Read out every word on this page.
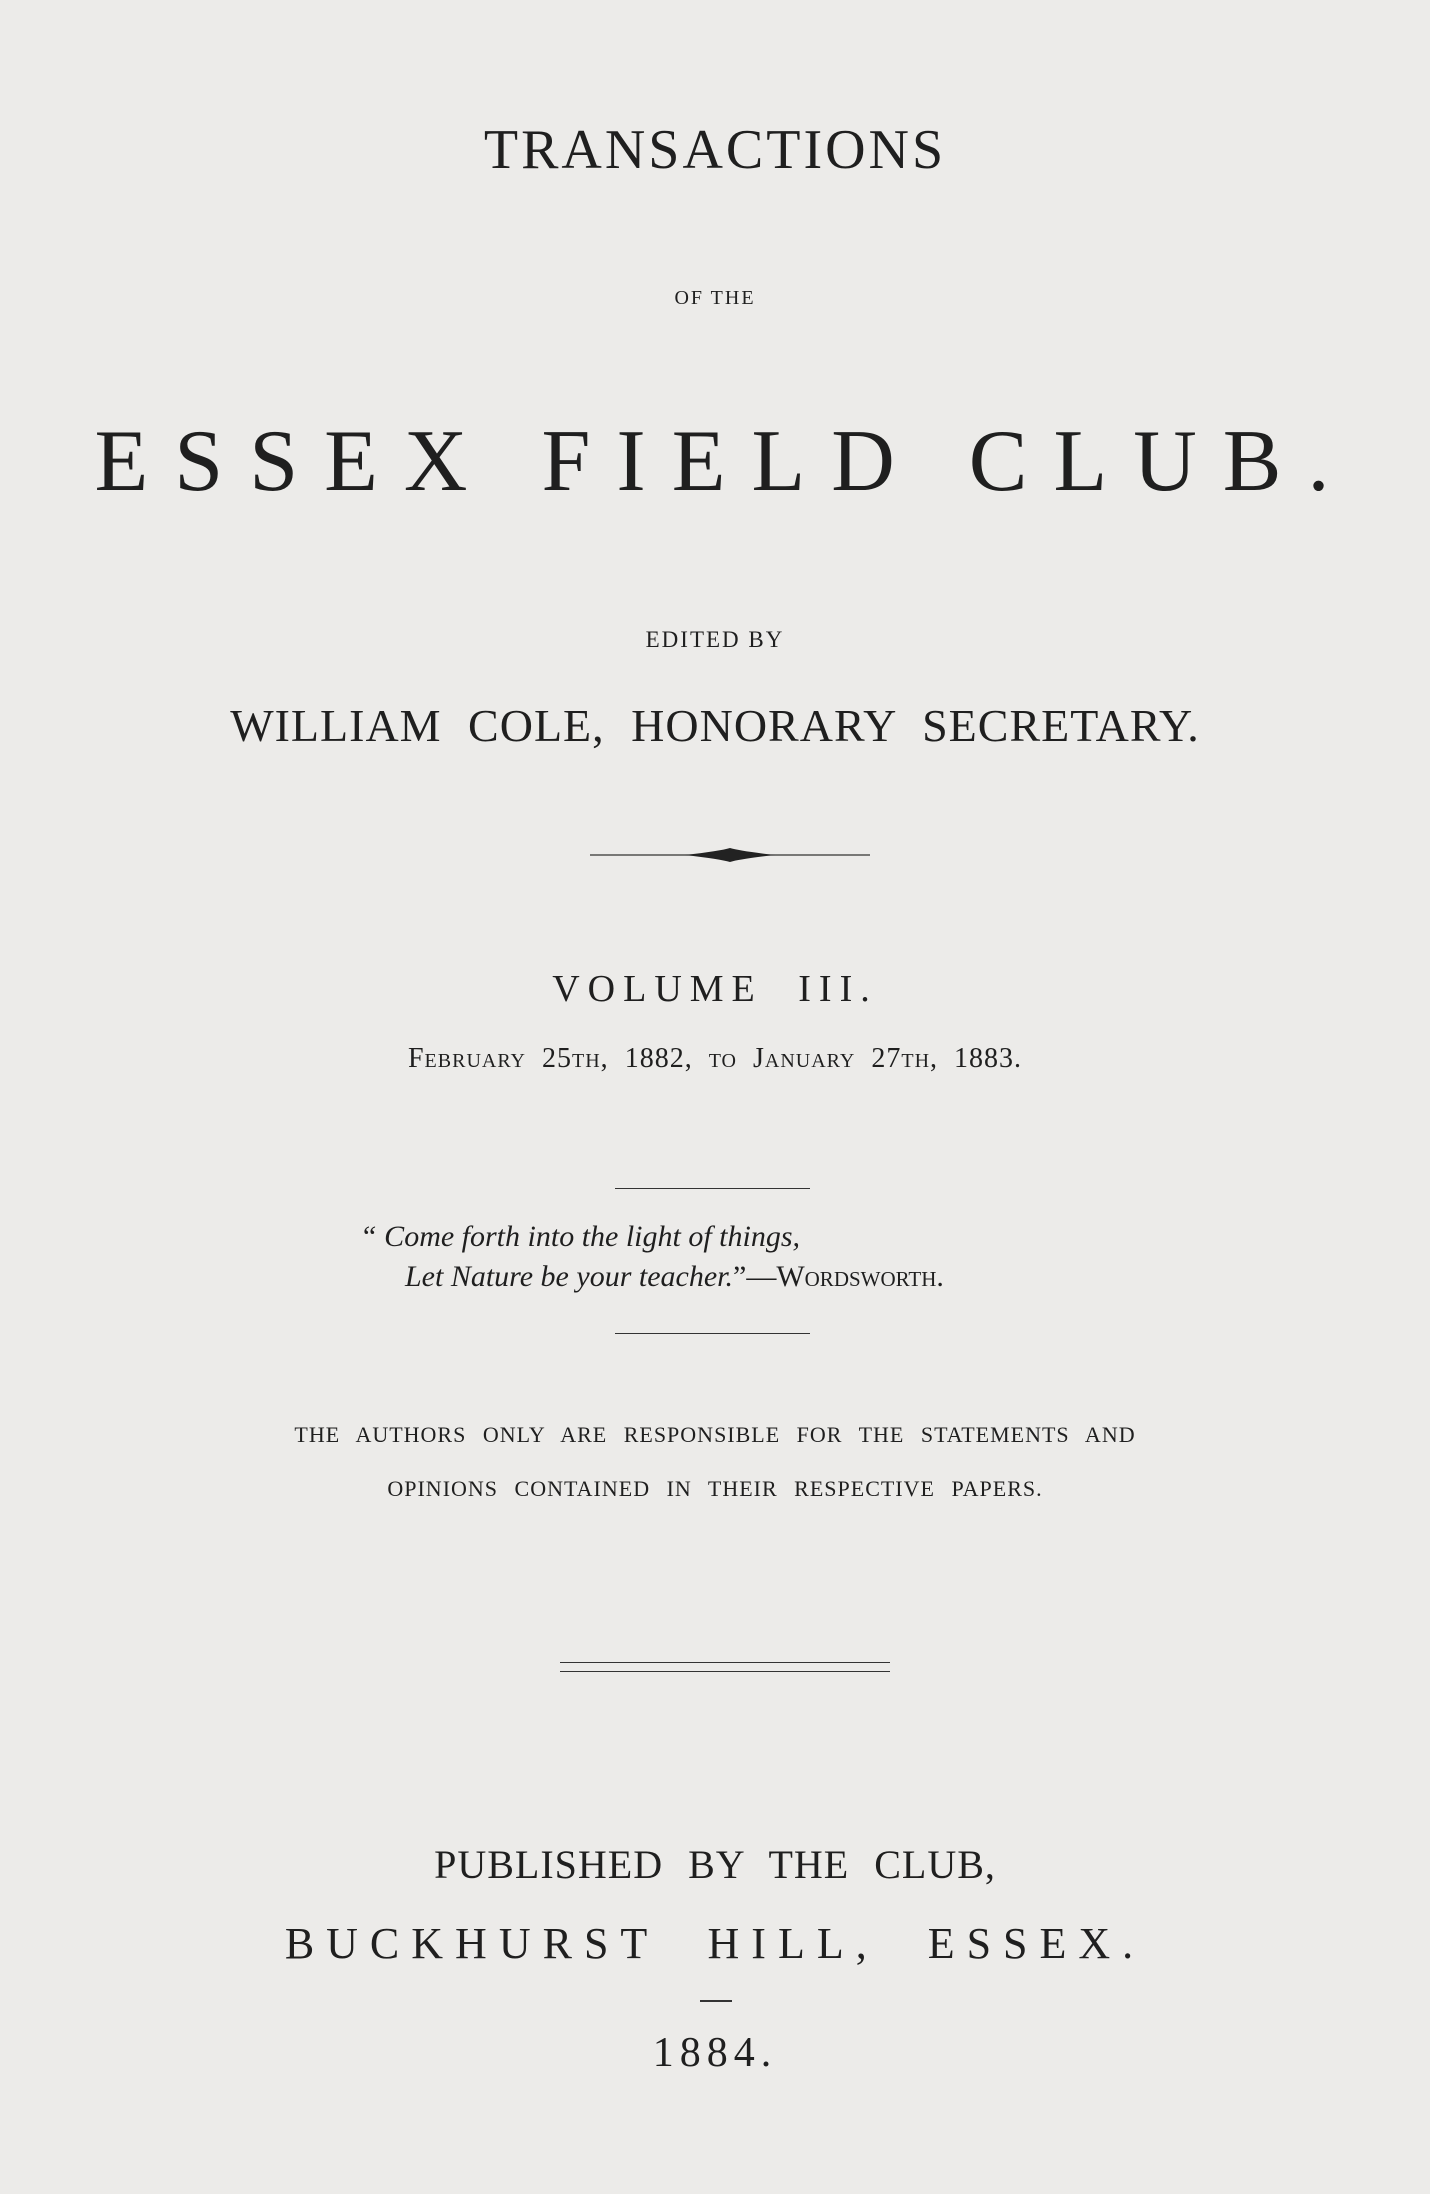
TRANSACTIONS
OF THE
ESSEX FIELD CLUB.
EDITED BY
WILLIAM COLE, HONORARY SECRETARY.
VOLUME III.
February 25th, 1882, to January 27th, 1883.
“ Come forth into the light of things,
Let Nature be your teacher.”—Wordsworth.
THE AUTHORS ONLY ARE RESPONSIBLE FOR THE STATEMENTS AND
OPINIONS CONTAINED IN THEIR RESPECTIVE PAPERS.
PUBLISHED BY THE CLUB,
BUCKHURST HILL, ESSEX.
1884.
